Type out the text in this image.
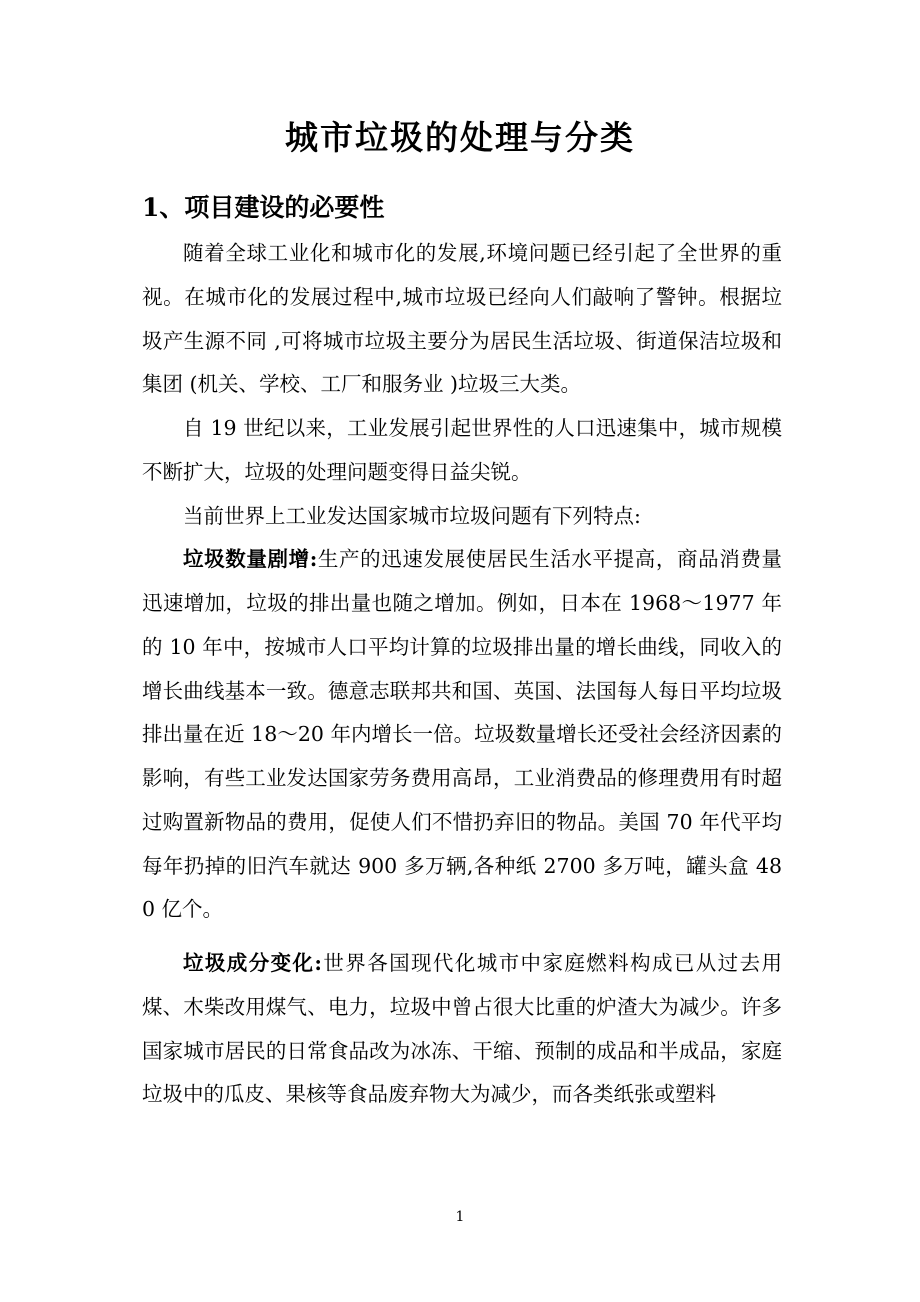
城市垃圾的处理与分类
1、项目建设的必要性

随着全球工业化和城市化的发展,环境问题已经引起了全世界的重视。在城市化的发展过程中,城市垃圾已经向人们敲响了警钟。根据垃圾产生源不同 ,可将城市垃圾主要分为居民生活垃圾、街道保洁垃圾和集团 (机关、学校、工厂和服务业 )垃圾三大类。

自 19 世纪以来，工业发展引起世界性的人口迅速集中，城市规模不断扩大，垃圾的处理问题变得日益尖锐。

当前世界上工业发达国家城市垃圾问题有下列特点:

垃圾数量剧增:生产的迅速发展使居民生活水平提高，商品消费量迅速增加，垃圾的排出量也随之增加。例如，日本在 1968～1977 年的 10 年中，按城市人口平均计算的垃圾排出量的增长曲线，同收入的增长曲线基本一致。德意志联邦共和国、英国、法国每人每日平均垃圾排出量在近 18～20 年内增长一倍。垃圾数量增长还受社会经济因素的影响，有些工业发达国家劳务费用高昂，工业消费品的修理费用有时超过购置新物品的费用，促使人们不惜扔弃旧的物品。美国 70 年代平均每年扔掉的旧汽车就达 900 多万辆,各种纸 2700 多万吨，罐头盒 480 亿个。

垃圾成分变化:世界各国现代化城市中家庭燃料构成已从过去用煤、木柴改用煤气、电力，垃圾中曾占很大比重的炉渣大为减少。许多国家城市居民的日常食品改为冰冻、干缩、预制的成品和半成品，家庭垃圾中的瓜皮、果核等食品废弃物大为减少，而各类纸张或塑料

1
